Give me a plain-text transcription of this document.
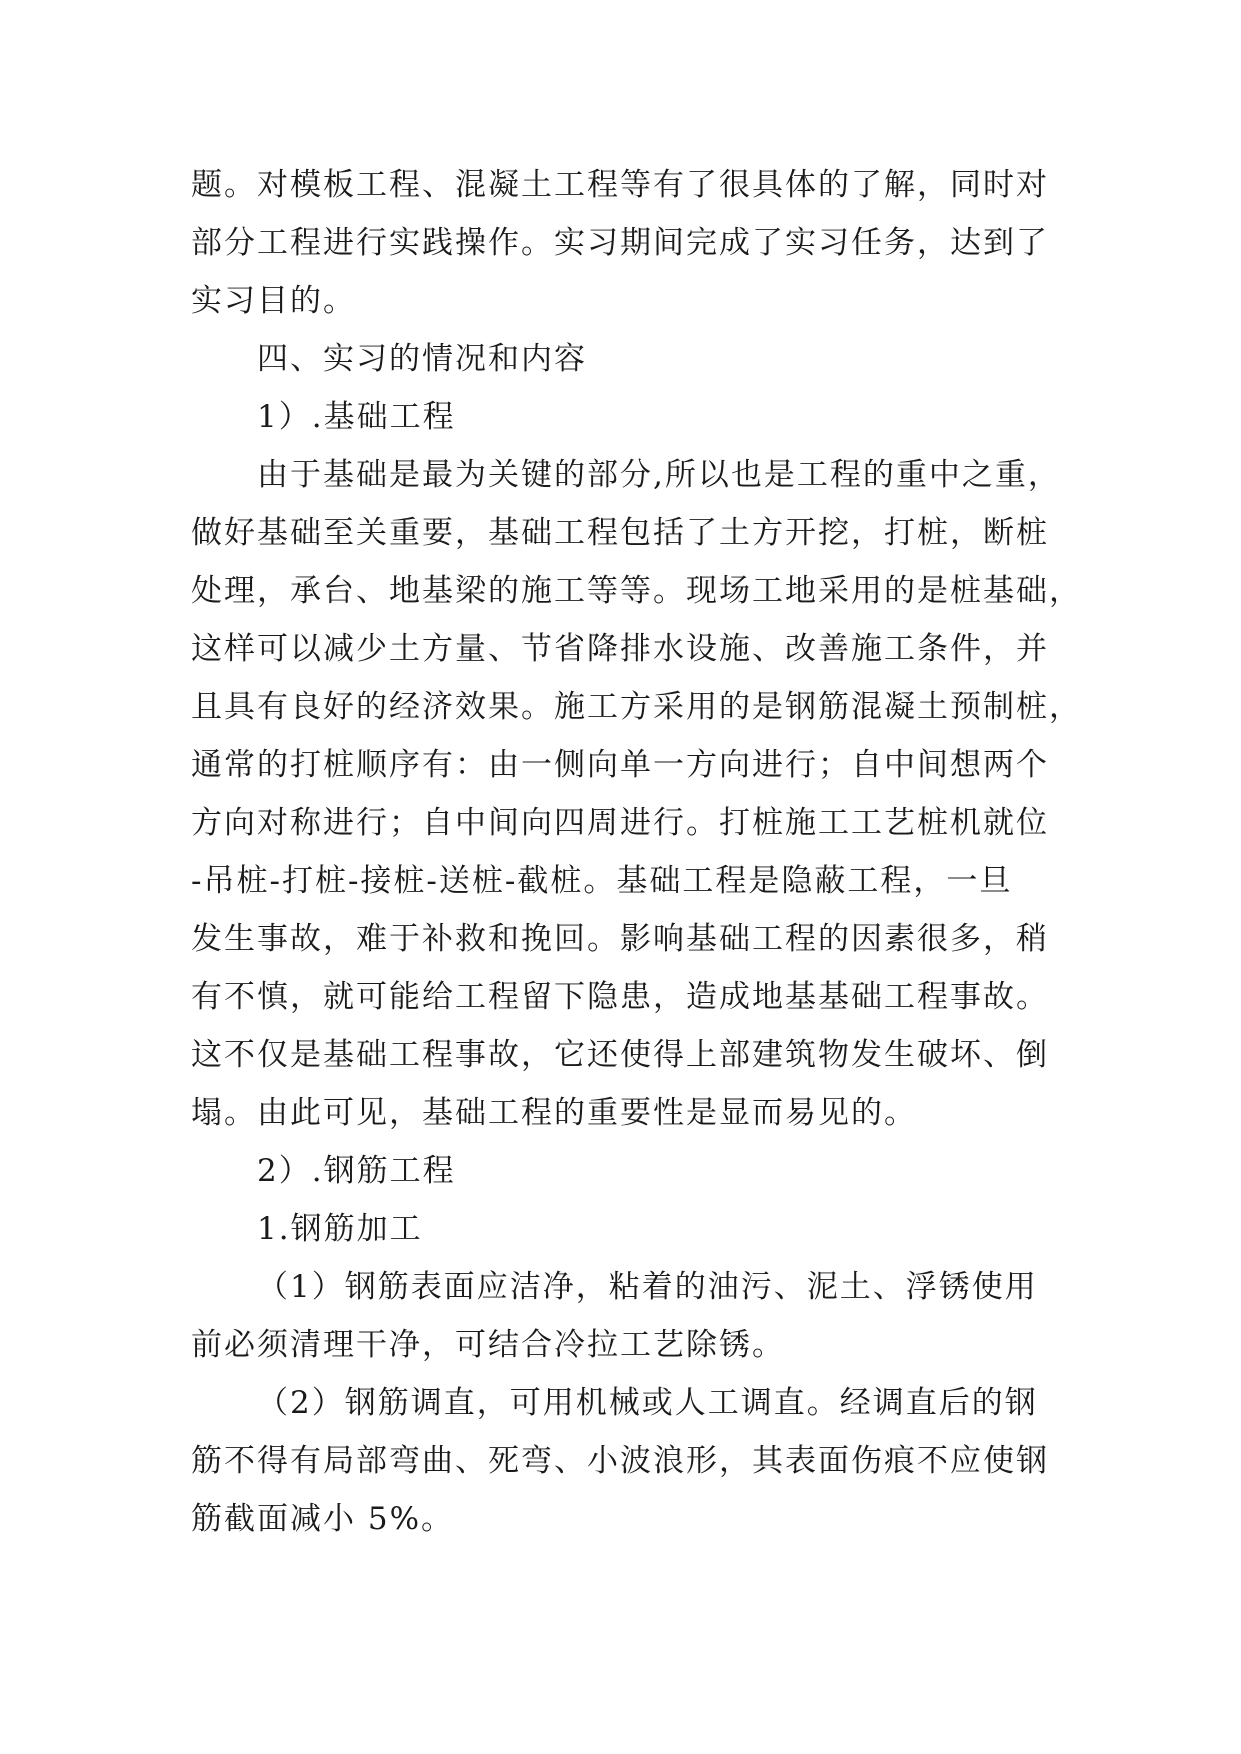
题。对模板工程、混凝土工程等有了很具体的了解，同时对
部分工程进行实践操作。实习期间完成了实习任务，达到了
实习目的。
四、实习的情况和内容
1）.基础工程
由于基础是最为关键的部分,所以也是工程的重中之重，
做好基础至关重要，基础工程包括了土方开挖，打桩，断桩
处理，承台、地基梁的施工等等。现场工地采用的是桩基础，
这样可以减少土方量、节省降排水设施、改善施工条件，并
且具有良好的经济效果。施工方采用的是钢筋混凝土预制桩，
通常的打桩顺序有：由一侧向单一方向进行；自中间想两个
方向对称进行；自中间向四周进行。打桩施工工艺桩机就位
-吊桩-打桩-接桩-送桩-截桩。基础工程是隐蔽工程，一旦
发生事故，难于补救和挽回。影响基础工程的因素很多，稍
有不慎，就可能给工程留下隐患，造成地基基础工程事故。
这不仅是基础工程事故，它还使得上部建筑物发生破坏、倒
塌。由此可见，基础工程的重要性是显而易见的。
2）.钢筋工程
1.钢筋加工
（1）钢筋表面应洁净，粘着的油污、泥土、浮锈使用
前必须清理干净，可结合冷拉工艺除锈。
（2）钢筋调直，可用机械或人工调直。经调直后的钢
筋不得有局部弯曲、死弯、小波浪形，其表面伤痕不应使钢
筋截面减小 5%。
